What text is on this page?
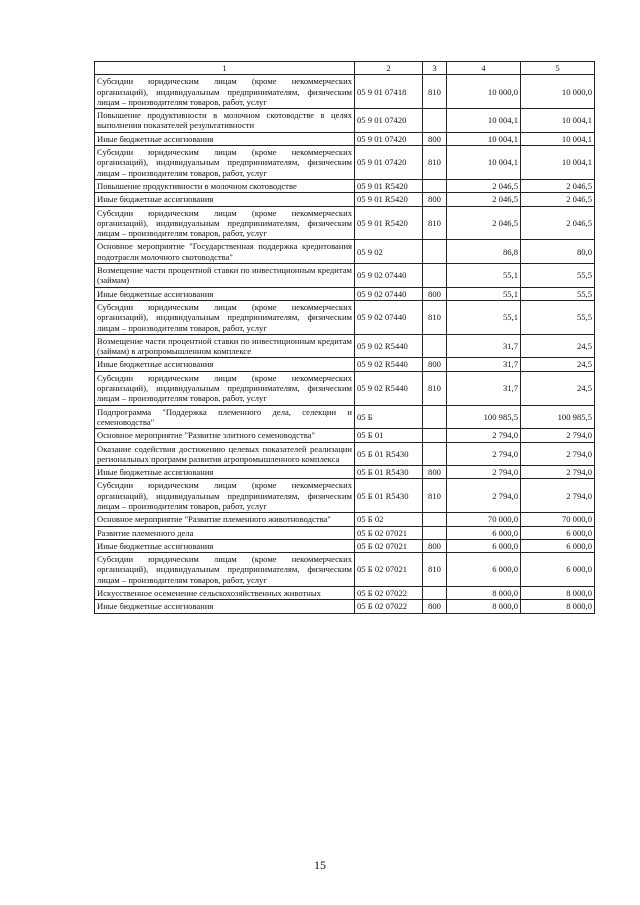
1	2	3	4	5
Субсидии юридическим лицам (кроме некоммерческих организаций), индивидуальным предпринимателям, физическим лицам – производителям товаров, работ, услуг	05 9 01 07418	810	10 000,0	10 000,0
Повышение продуктивности в молочном скотоводстве в целях выполнения показателей результативности	05 9 01 07420		10 004,1	10 004,1
Иные бюджетные ассигнования	05 9 01 07420	800	10 004,1	10 004,1
Субсидии юридическим лицам (кроме некоммерческих организаций), индивидуальным предпринимателям, физическим лицам – производителям товаров, работ, услуг	05 9 01 07420	810	10 004,1	10 004,1
Повышение продуктивности в молочном скотоводстве	05 9 01 R5420		2 046,5	2 046,5
Иные бюджетные ассигнования	05 9 01 R5420	800	2 046,5	2 046,5
Субсидии юридическим лицам (кроме некоммерческих организаций), индивидуальным предпринимателям, физическим лицам – производителям товаров, работ, услуг	05 9 01 R5420	810	2 046,5	2 046,5
Основное мероприятие "Государственная поддержка кредитования подотрасли молочного скотоводства"	05 9 02		86,8	80,0
Возмещение части процентной ставки по инвестиционным кредитам (займам)	05 9 02 07440		55,1	55,5
Иные бюджетные ассигнования	05 9 02 07440	800	55,1	55,5
Субсидии юридическим лицам (кроме некоммерческих организаций), индивидуальным предпринимателям, физическим лицам – производителям товаров, работ, услуг	05 9 02 07440	810	55,1	55,5
Возмещение части процентной ставки по инвестиционным кредитам (займам) в агропромышленном комплексе	05 9 02 R5440		31,7	24,5
Иные бюджетные ассигнования	05 9 02 R5440	800	31,7	24,5
Субсидии юридическим лицам (кроме некоммерческих организаций), индивидуальным предпринимателям, физическим лицам – производителям товаров, работ, услуг	05 9 02 R5440	810	31,7	24,5
Подпрограмма "Поддержка племенного дела, селекции и семеноводства"	05 Б		100 985,5	100 985,5
Основное мероприятие "Развитие элитного семеноводства"	05 Б 01		2 794,0	2 794,0
Оказание содействия достижению целевых показателей реализации региональных программ развития агропромышленного комплекса	05 Б 01 R5430		2 794,0	2 794,0
Иные бюджетные ассигнования	05 Б 01 R5430	800	2 794,0	2 794,0
Субсидии юридическим лицам (кроме некоммерческих организаций), индивидуальным предпринимателям, физическим лицам – производителям товаров, работ, услуг	05 Б 01 R5430	810	2 794,0	2 794,0
Основное мероприятие "Развитие племенного животноводства"	05 Б 02		70 000,0	70 000,0
Развитие племенного дела	05 Б 02 07021		6 000,0	6 000,0
Иные бюджетные ассигнования	05 Б 02 07021	800	6 000,0	6 000,0
Субсидии юридическим лицам (кроме некоммерческих организаций), индивидуальным предпринимателям, физическим лицам – производителям товаров, работ, услуг	05 Б 02 07021	810	6 000,0	6 000,0
Искусственное осеменение сельскохозяйственных животных	05 Б 02 07022		8 000,0	8 000,0
Иные бюджетные ассигнования	05 Б 02 07022	800	8 000,0	8 000,0
15
